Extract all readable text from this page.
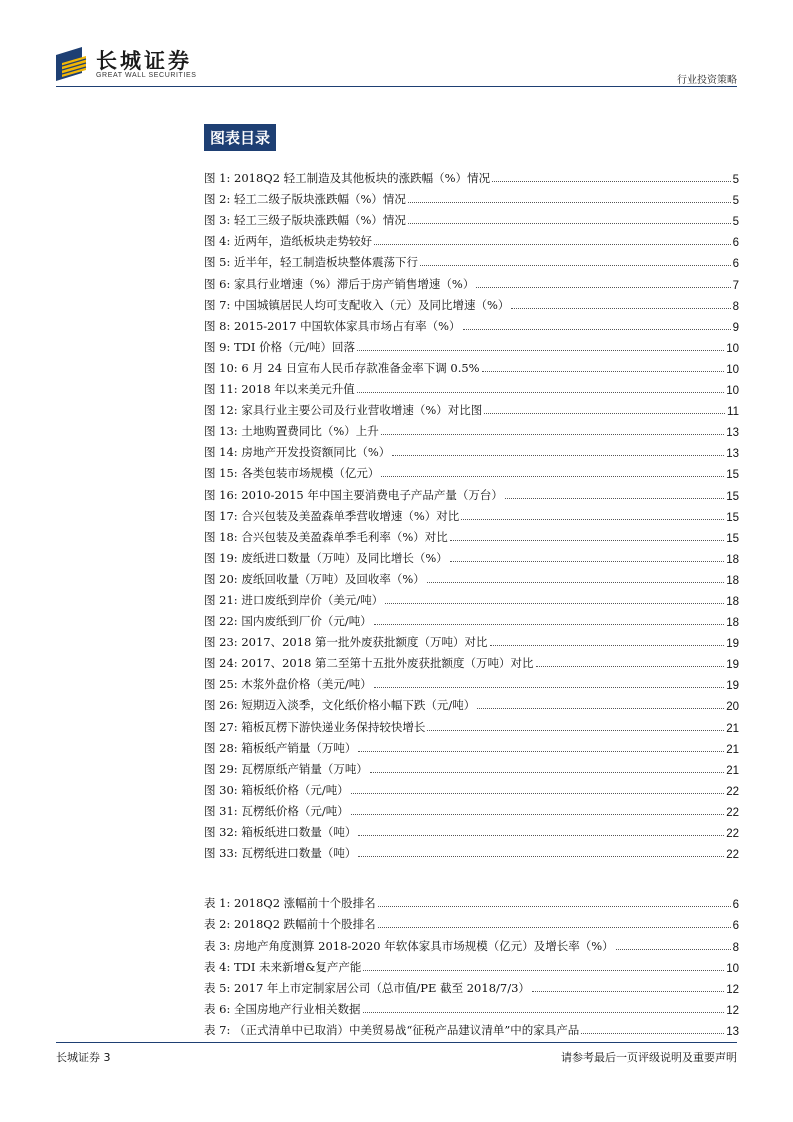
长城证券
GREAT WALL SECURITIES	行业投资策略
图表目录
图 1: 2018Q2 轻工制造及其他板块的涨跌幅（%）情况	5
图 2: 轻工二级子版块涨跌幅（%）情况	5
图 3: 轻工三级子版块涨跌幅（%）情况	5
图 4: 近两年，造纸板块走势较好	6
图 5: 近半年，轻工制造板块整体震荡下行	6
图 6: 家具行业增速（%）滞后于房产销售增速（%）	7
图 7: 中国城镇居民人均可支配收入（元）及同比增速（%）	8
图 8: 2015-2017 中国软体家具市场占有率（%）	9
图 9: TDI 价格（元/吨）回落	10
图 10: 6 月 24 日宣布人民币存款准备金率下调 0.5%	10
图 11: 2018 年以来美元升值	10
图 12: 家具行业主要公司及行业营收增速（%）对比图	11
图 13: 土地购置费同比（%）上升	13
图 14: 房地产开发投资额同比（%）	13
图 15: 各类包装市场规模（亿元）	15
图 16: 2010-2015 年中国主要消费电子产品产量（万台）	15
图 17: 合兴包装及美盈森单季营收增速（%）对比	15
图 18: 合兴包装及美盈森单季毛利率（%）对比	15
图 19: 废纸进口数量（万吨）及同比增长（%）	18
图 20: 废纸回收量（万吨）及回收率（%）	18
图 21: 进口废纸到岸价（美元/吨）	18
图 22: 国内废纸到厂价（元/吨）	18
图 23: 2017、2018 第一批外废获批额度（万吨）对比	19
图 24: 2017、2018 第二至第十五批外废获批额度（万吨）对比	19
图 25: 木浆外盘价格（美元/吨）	19
图 26: 短期迈入淡季，文化纸价格小幅下跌（元/吨）	20
图 27: 箱板瓦楞下游快递业务保持较快增长	21
图 28: 箱板纸产销量（万吨）	21
图 29: 瓦楞原纸产销量（万吨）	21
图 30: 箱板纸价格（元/吨）	22
图 31: 瓦楞纸价格（元/吨）	22
图 32: 箱板纸进口数量（吨）	22
图 33: 瓦楞纸进口数量（吨）	22
表 1: 2018Q2 涨幅前十个股排名	6
表 2: 2018Q2 跌幅前十个股排名	6
表 3: 房地产角度测算 2018-2020 年软体家具市场规模（亿元）及增长率（%）	8
表 4: TDI 未来新增&复产产能	10
表 5: 2017 年上市定制家居公司（总市值/PE 截至 2018/7/3）	12
表 6: 全国房地产行业相关数据	12
表 7: （正式清单中已取消）中美贸易战“征税产品建议清单”中的家具产品	13
长城证券 3	请参考最后一页评级说明及重要声明
